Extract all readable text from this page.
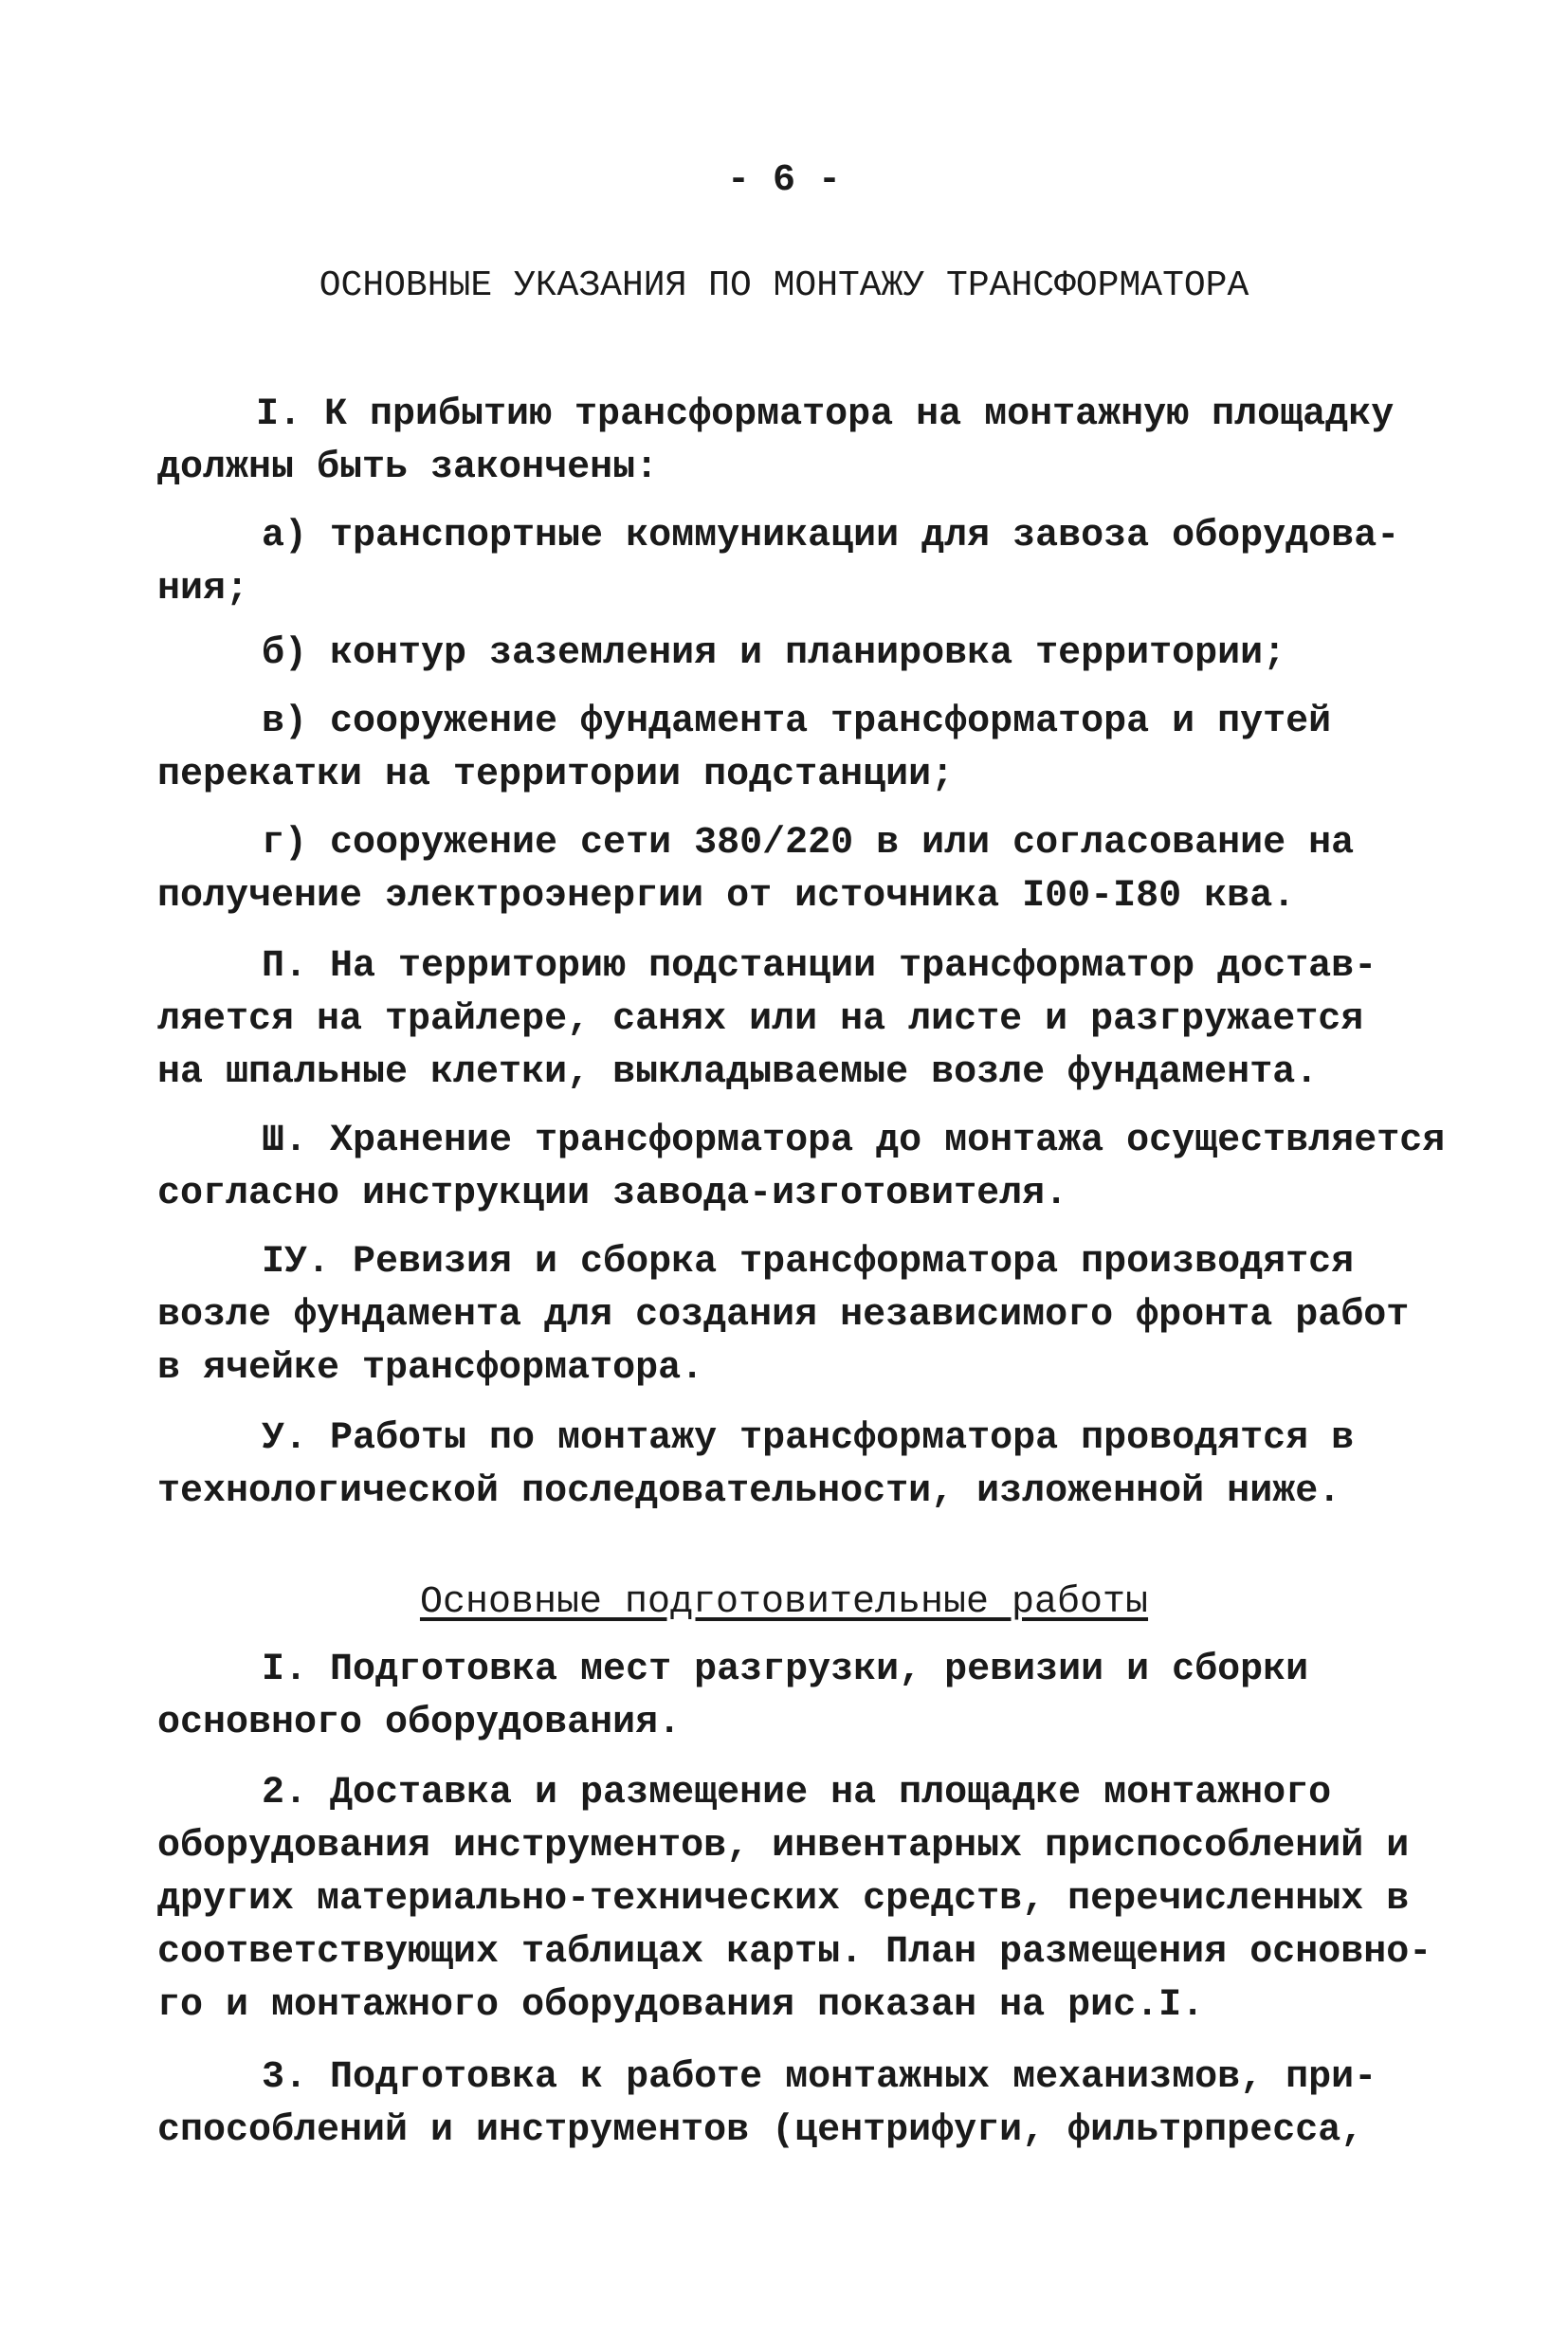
- 6 -
ОСНОВНЫЕ УКАЗАНИЯ ПО МОНТАЖУ ТРАНСФОРМАТОРА
I. К прибытию трансформатора на монтажную площадку
должны быть закончены:
а) транспортные коммуникации для завоза оборудова-
ния;
б) контур заземления и планировка территории;
в) сооружение фундамента трансформатора и путей
перекатки на территории подстанции;
г) сооружение сети 380/220 в или согласование на
получение электроэнергии от источника I00-I80 ква.
П. На территорию подстанции трансформатор достав-
ляется на трайлере, санях или на листе и разгружается
на шпальные клетки, выкладываемые возле фундамента.
Ш. Хранение трансформатора до монтажа осуществляется
согласно инструкции завода-изготовителя.
IУ. Ревизия и сборка трансформатора производятся
возле фундамента для создания независимого фронта работ
в ячейке трансформатора.
У. Работы по монтажу трансформатора проводятся в
технологической последовательности, изложенной ниже.
Основные подготовительные работы
I. Подготовка мест разгрузки, ревизии и сборки
основного оборудования.
2. Доставка и размещение на площадке монтажного
оборудования инструментов, инвентарных приспособлений и
других материально-технических средств, перечисленных в
соответствующих таблицах карты. План размещения основно-
го и монтажного оборудования показан на рис.I.
3. Подготовка к работе монтажных механизмов, при-
способлений и инструментов (центрифуги, фильтрпресса,
